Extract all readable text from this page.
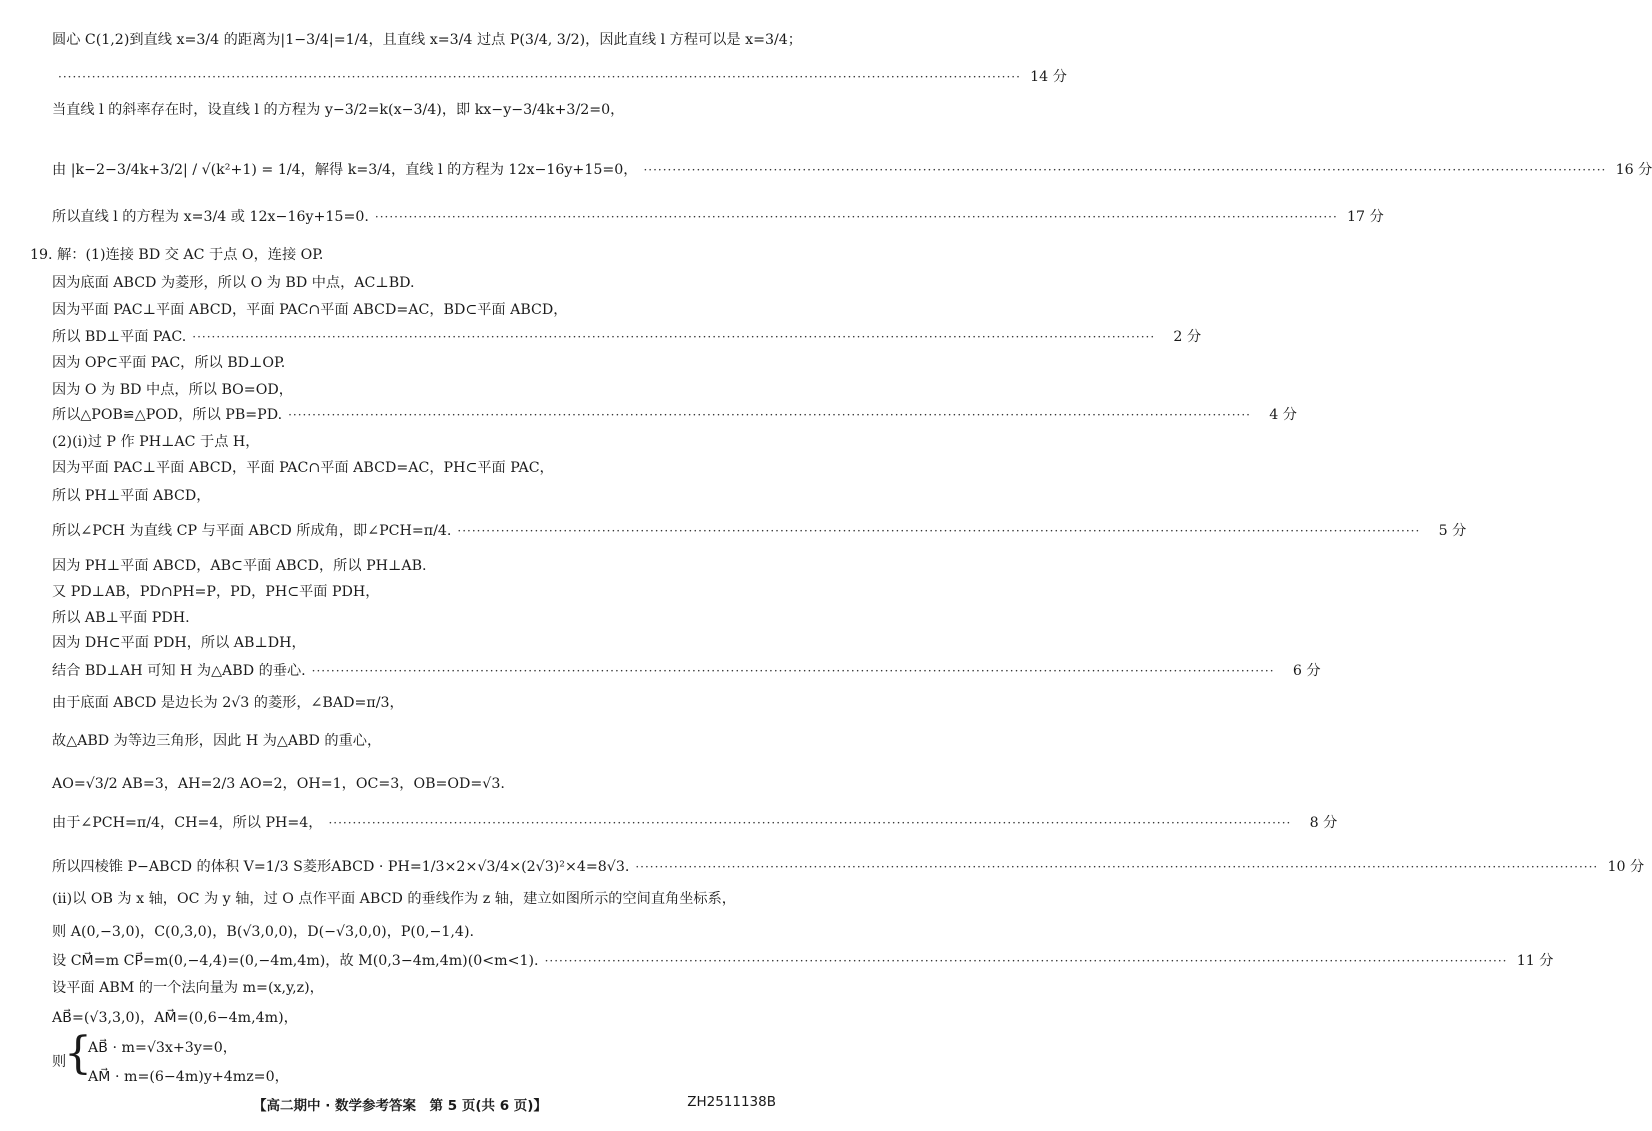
圆心 C(1,2)到直线 x=3/4 的距离为|1−3/4|=1/4，且直线 x=3/4 过点 P(3/4, 3/2)，因此直线 l 方程可以是 x=3/4；
········································································································································································································ 14 分
当直线 l 的斜率存在时，设直线 l 的方程为 y−3/2=k(x−3/4)，即 kx−y−3/4k+3/2=0，
由 |k−2−3/4k+3/2| / √(k²+1) = 1/4，解得 k=3/4，直线 l 的方程为 12x−16y+15=0， ········································································································································································································ 16 分
所以直线 l 的方程为 x=3/4 或 12x−16y+15=0. ········································································································································································································ 17 分
19. 解：(1)连接 BD 交 AC 于点 O，连接 OP.
因为底面 ABCD 为菱形，所以 O 为 BD 中点，AC⊥BD.
因为平面 PAC⊥平面 ABCD，平面 PAC∩平面 ABCD=AC，BD⊂平面 ABCD，
所以 BD⊥平面 PAC. ········································································································································································································	2 分
因为 OP⊂平面 PAC，所以 BD⊥OP.
因为 O 为 BD 中点，所以 BO=OD，
所以△POB≌△POD，所以 PB=PD. ········································································································································································································	4 分
(2)(ⅰ)过 P 作 PH⊥AC 于点 H，
因为平面 PAC⊥平面 ABCD，平面 PAC∩平面 ABCD=AC，PH⊂平面 PAC，
所以 PH⊥平面 ABCD，
所以∠PCH 为直线 CP 与平面 ABCD 所成角，即∠PCH=π/4. ········································································································································································································	5 分
因为 PH⊥平面 ABCD，AB⊂平面 ABCD，所以 PH⊥AB.
又 PD⊥AB，PD∩PH=P，PD，PH⊂平面 PDH，
所以 AB⊥平面 PDH.
因为 DH⊂平面 PDH，所以 AB⊥DH，
结合 BD⊥AH 可知 H 为△ABD 的垂心. ········································································································································································································	6 分
由于底面 ABCD 是边长为 2√3 的菱形，∠BAD=π/3，
故△ABD 为等边三角形，因此 H 为△ABD 的重心，
AO=√3/2 AB=3，AH=2/3 AO=2，OH=1，OC=3，OB=OD=√3.
由于∠PCH=π/4，CH=4，所以 PH=4， ········································································································································································································	8 分
所以四棱锥 P−ABCD 的体积 V=1/3 S菱形ABCD · PH=1/3×2×√3/4×(2√3)²×4=8√3. ········································································································································································································ 10 分
(ⅱ)以 OB 为 x 轴，OC 为 y 轴，过 O 点作平面 ABCD 的垂线作为 z 轴，建立如图所示的空间直角坐标系，
则 A(0,−3,0)，C(0,3,0)，B(√3,0,0)，D(−√3,0,0)，P(0,−1,4).
设 CM⃗=m CP⃗=m(0,−4,4)=(0,−4m,4m)，故 M(0,3−4m,4m)(0<m<1). ········································································································································································································ 11 分
设平面 ABM 的一个法向量为 m=(x,y,z)，
AB⃗=(√3,3,0)，AM⃗=(0,6−4m,4m)，
AB⃗ · m=√3x+3y=0，
AM⃗ · m=(6−4m)y+4mz=0，
则
{
【高二期中 · 数学参考答案　第 5 页(共 6 页)】	ZH2511138B
